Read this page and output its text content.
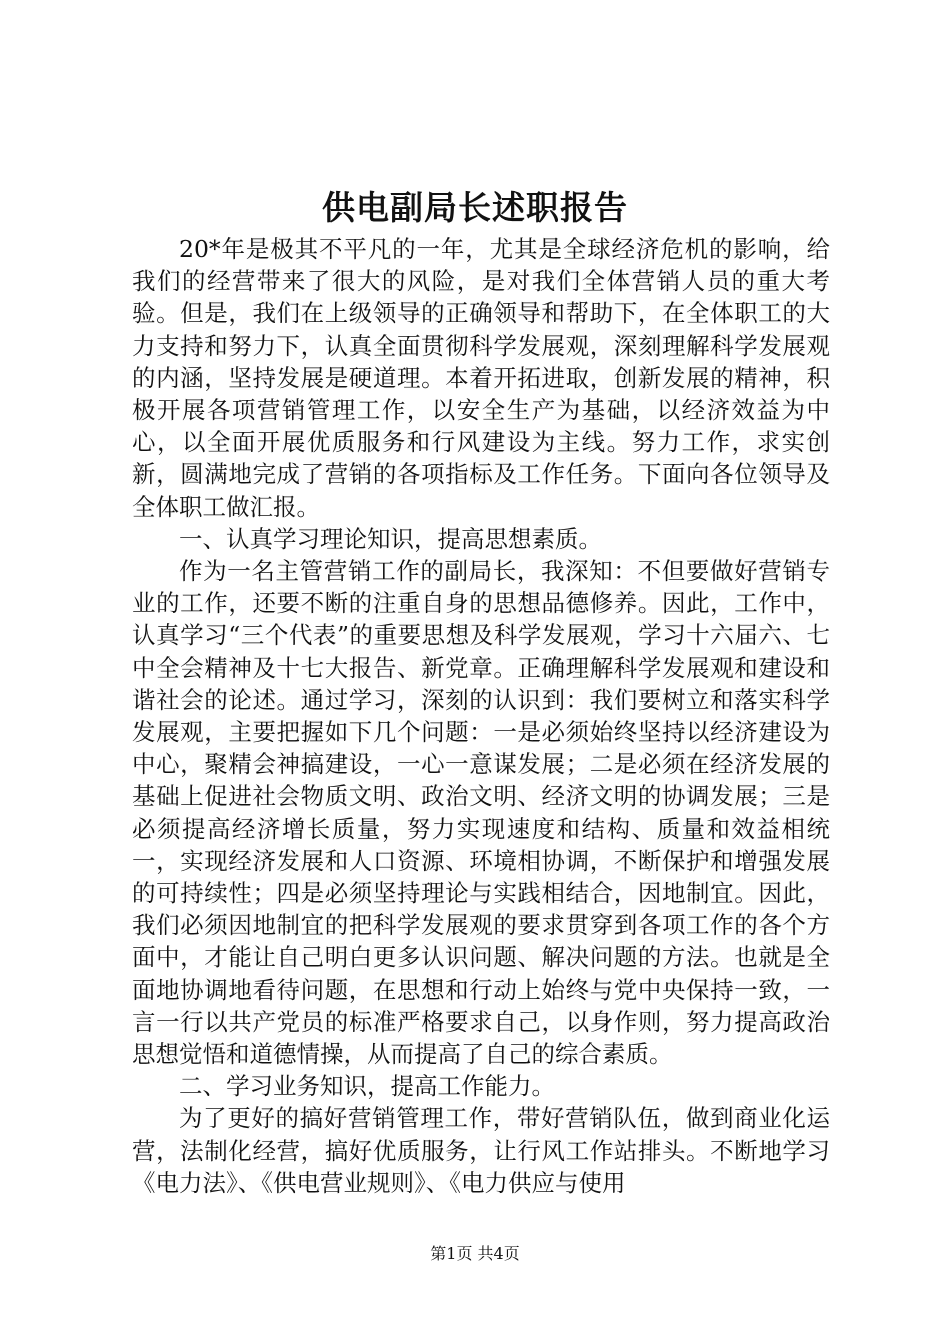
供电副局长述职报告

20*年是极其不平凡的一年，尤其是全球经济危机的影响，给我们的经营带来了很大的风险，是对我们全体营销人员的重大考验。但是，我们在上级领导的正确领导和帮助下，在全体职工的大力支持和努力下，认真全面贯彻科学发展观，深刻理解科学发展观的内涵，坚持发展是硬道理。本着开拓进取，创新发展的精神，积极开展各项营销管理工作，以安全生产为基础，以经济效益为中心，以全面开展优质服务和行风建设为主线。努力工作，求实创新，圆满地完成了营销的各项指标及工作任务。下面向各位领导及全体职工做汇报。

一、认真学习理论知识，提高思想素质。

作为一名主管营销工作的副局长，我深知：不但要做好营销专业的工作，还要不断的注重自身的思想品德修养。因此，工作中，认真学习“三个代表”的重要思想及科学发展观，学习十六届六、七中全会精神及十七大报告、新党章。正确理解科学发展观和建设和谐社会的论述。通过学习，深刻的认识到：我们要树立和落实科学发展观，主要把握如下几个问题：一是必须始终坚持以经济建设为中心，聚精会神搞建设，一心一意谋发展；二是必须在经济发展的基础上促进社会物质文明、政治文明、经济文明的协调发展；三是必须提高经济增长质量，努力实现速度和结构、质量和效益相统一，实现经济发展和人口资源、环境相协调，不断保护和增强发展的可持续性；四是必须坚持理论与实践相结合，因地制宜。因此，我们必须因地制宜的把科学发展观的要求贯穿到各项工作的各个方面中，才能让自己明白更多认识问题、解决问题的方法。也就是全面地协调地看待问题，在思想和行动上始终与党中央保持一致，一言一行以共产党员的标准严格要求自己，以身作则，努力提高政治思想觉悟和道德情操，从而提高了自己的综合素质。

二、学习业务知识，提高工作能力。

为了更好的搞好营销管理工作，带好营销队伍，做到商业化运营，法制化经营，搞好优质服务，让行风工作站排头。不断地学习《电力法》、《供电营业规则》、《电力供应与使用

第1页 共4页
